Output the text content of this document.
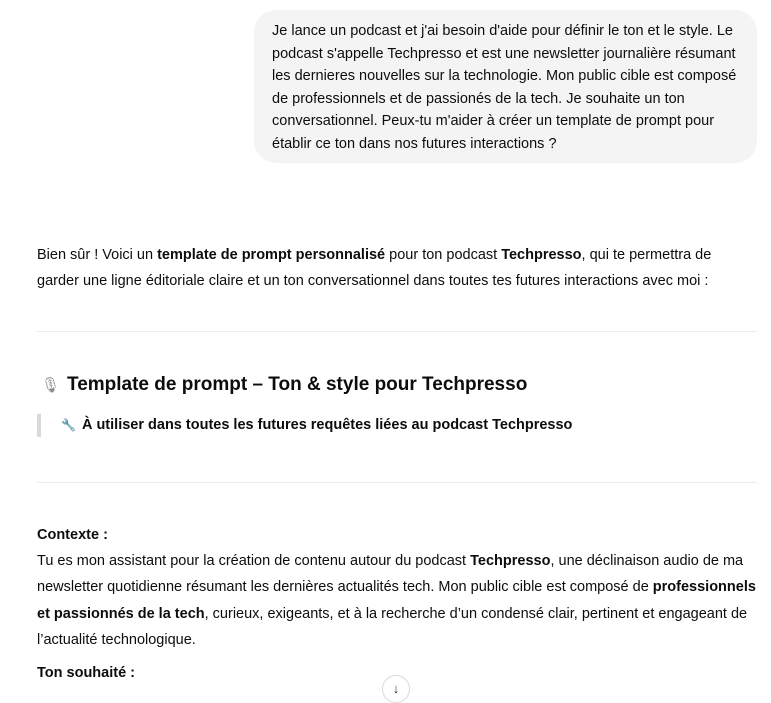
Je lance un podcast et j'ai besoin d'aide pour définir le ton et le style. Le podcast s'appelle Techpresso et est une newsletter journalière résumant les dernieres nouvelles sur la technologie. Mon public cible est composé de professionnels et de passionés de la tech. Je souhaite un ton conversationnel. Peux-tu m'aider à créer un template de prompt pour établir ce ton dans nos futures interactions ?

Bien sûr ! Voici un template de prompt personnalisé pour ton podcast Techpresso, qui te permettra de garder une ligne éditoriale claire et un ton conversationnel dans toutes tes futures interactions avec moi :

🎙 Template de prompt – Ton & style pour Techpresso
🔧 À utiliser dans toutes les futures requêtes liées au podcast Techpresso

Contexte :

Tu es mon assistant pour la création de contenu autour du podcast Techpresso, une déclinaison audio de ma newsletter quotidienne résumant les dernières actualités tech. Mon public cible est composé de professionnels et passionnés de la tech, curieux, exigeants, et à la recherche d’un condensé clair, pertinent et engageant de l’actualité technologique.

Ton souhaité :

↓
